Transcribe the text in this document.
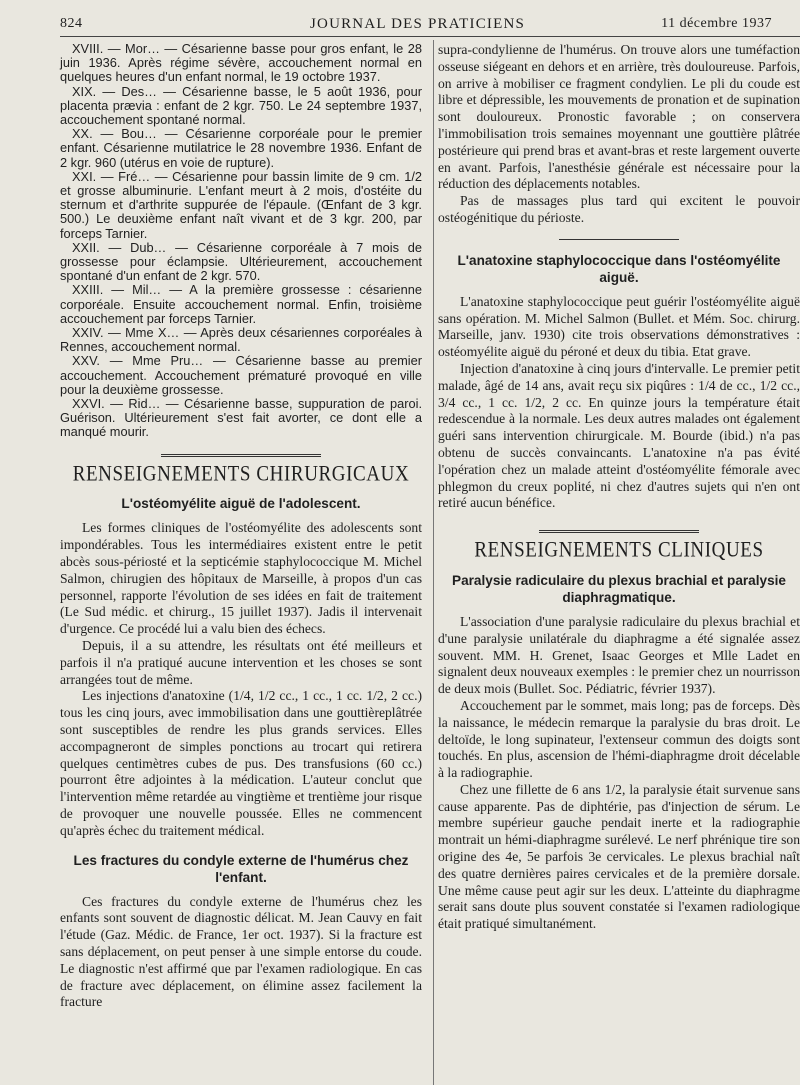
824	JOURNAL DES PRATICIENS	11 décembre 1937

XVIII. — Mor… — Césarienne basse pour gros enfant, le 28 juin 1936. Après régime sévère, accouchement normal en quelques heures d'un enfant normal, le 19 octobre 1937.

XIX. — Des… — Césarienne basse, le 5 août 1936, pour placenta prævia : enfant de 2 kgr. 750. Le 24 septembre 1937, accouchement spontané normal.

XX. — Bou… — Césarienne corporéale pour le premier enfant. Césarienne mutilatrice le 28 novembre 1936. Enfant de 2 kgr. 960 (utérus en voie de rupture).

XXI. — Fré… — Césarienne pour bassin limite de 9 cm. 1/2 et grosse albuminurie. L'enfant meurt à 2 mois, d'ostéite du sternum et d'arthrite suppurée de l'épaule. (Œnfant de 3 kgr. 500.) Le deuxième enfant naît vivant et de 3 kgr. 200, par forceps Tarnier.

XXII. — Dub… — Césarienne corporéale à 7 mois de grossesse pour éclampsie. Ultérieurement, accouchement spontané d'un enfant de 2 kgr. 570.

XXIII. — Mil… — A la première grossesse : césarienne corporéale. Ensuite accouchement normal. Enfin, troisième accouchement par forceps Tarnier.

XXIV. — Mme X… — Après deux césariennes corporéales à Rennes, accouchement normal.

XXV. — Mme Pru… — Césarienne basse au premier accouchement. Accouchement prématuré provoqué en ville pour la deuxième grossesse.

XXVI. — Rid… — Césarienne basse, suppuration de paroi. Guérison. Ultérieurement s'est fait avorter, ce dont elle a manqué mourir.

RENSEIGNEMENTS CHIRURGICAUX
L'ostéomyélite aiguë de l'adolescent.

Les formes cliniques de l'ostéomyélite des adolescents sont impondérables. Tous les intermédiaires existent entre le petit abcès sous-périosté et la septicémie staphylococcique M. Michel Salmon, chirugien des hôpitaux de Marseille, à propos d'un cas personnel, rapporte l'évolution de ses idées en fait de traitement (Le Sud médic. et chirurg., 15 juillet 1937). Jadis il intervenait d'urgence. Ce procédé lui a valu bien des échecs.

Depuis, il a su attendre, les résultats ont été meilleurs et parfois il n'a pratiqué aucune intervention et les choses se sont arrangées tout de même.

Les injections d'anatoxine (1/4, 1/2 cc., 1 cc., 1 cc. 1/2, 2 cc.) tous les cinq jours, avec immobilisation dans une gouttièreplâtrée sont susceptibles de rendre les plus grands services. Elles accompagneront de simples ponctions au trocart qui retirera quelques centimètres cubes de pus. Des transfusions (60 cc.) pourront être adjointes à la médication. L'auteur conclut que l'intervention même retardée au vingtième et trentième jour risque de provoquer une nouvelle poussée. Elles ne commencent qu'après échec du traitement médical.

Les fractures du condyle externe de l'humérus chez l'enfant.

Ces fractures du condyle externe de l'humérus chez les enfants sont souvent de diagnostic délicat. M. Jean Cauvy en fait l'étude (Gaz. Médic. de France, 1er oct. 1937). Si la fracture est sans déplacement, on peut penser à une simple entorse du coude. Le diagnostic n'est affirmé que par l'examen radiologique. En cas de fracture avec déplacement, on élimine assez facilement la fracture

supra-condylienne de l'humérus. On trouve alors une tuméfaction osseuse siégeant en dehors et en arrière, très douloureuse. Parfois, on arrive à mobiliser ce fragment condylien. Le pli du coude est libre et dépressible, les mouvements de pronation et de supination sont douloureux. Pronostic favorable ; on conservera l'immobilisation trois semaines moyennant une gouttière plâtrée postérieure qui prend bras et avant-bras et reste largement ouverte en avant. Parfois, l'anesthésie générale est nécessaire pour la réduction des déplacements notables.

Pas de massages plus tard qui excitent le pouvoir ostéogénitique du périoste.

L'anatoxine staphylococcique dans l'ostéomyélite aiguë.

L'anatoxine staphylococcique peut guérir l'ostéomyélite aiguë sans opération. M. Michel Salmon (Bullet. et Mém. Soc. chirurg. Marseille, janv. 1930) cite trois observations démonstratives : ostéomyélite aiguë du péroné et deux du tibia. Etat grave.

Injection d'anatoxine à cinq jours d'intervalle. Le premier petit malade, âgé de 14 ans, avait reçu six piqûres : 1/4 de cc., 1/2 cc., 3/4 cc., 1 cc. 1/2, 2 cc. En quinze jours la température était redescendue à la normale. Les deux autres malades ont également guéri sans intervention chirurgicale. M. Bourde (ibid.) n'a pas obtenu de succès convaincants. L'anatoxine n'a pas évité l'opération chez un malade atteint d'ostéomyélite fémorale avec phlegmon du creux poplité, ni chez d'autres sujets qui n'en ont retiré aucun bénéfice.

RENSEIGNEMENTS CLINIQUES
Paralysie radiculaire du plexus brachial et paralysie diaphragmatique.

L'association d'une paralysie radiculaire du plexus brachial et d'une paralysie unilatérale du diaphragme a été signalée assez souvent. MM. H. Grenet, Isaac Georges et Mlle Ladet en signalent deux nouveaux exemples : le premier chez un nourrisson de deux mois (Bullet. Soc. Pédiatric, février 1937).

Accouchement par le sommet, mais long; pas de forceps. Dès la naissance, le médecin remarque la paralysie du bras droit. Le deltoïde, le long supinateur, l'extenseur commun des doigts sont touchés. En plus, ascension de l'hémi-diaphragme droit décelable à la radiographie.

Chez une fillette de 6 ans 1/2, la paralysie était survenue sans cause apparente. Pas de diphtérie, pas d'injection de sérum. Le membre supérieur gauche pendait inerte et la radiographie montrait un hémi-diaphragme surélevé. Le nerf phrénique tire son origine des 4e, 5e parfois 3e cervicales. Le plexus brachial naît des quatre dernières paires cervicales et de la première dorsale. Une même cause peut agir sur les deux. L'atteinte du diaphragme serait sans doute plus souvent constatée si l'examen radiologique était pratiqué simultanément.
